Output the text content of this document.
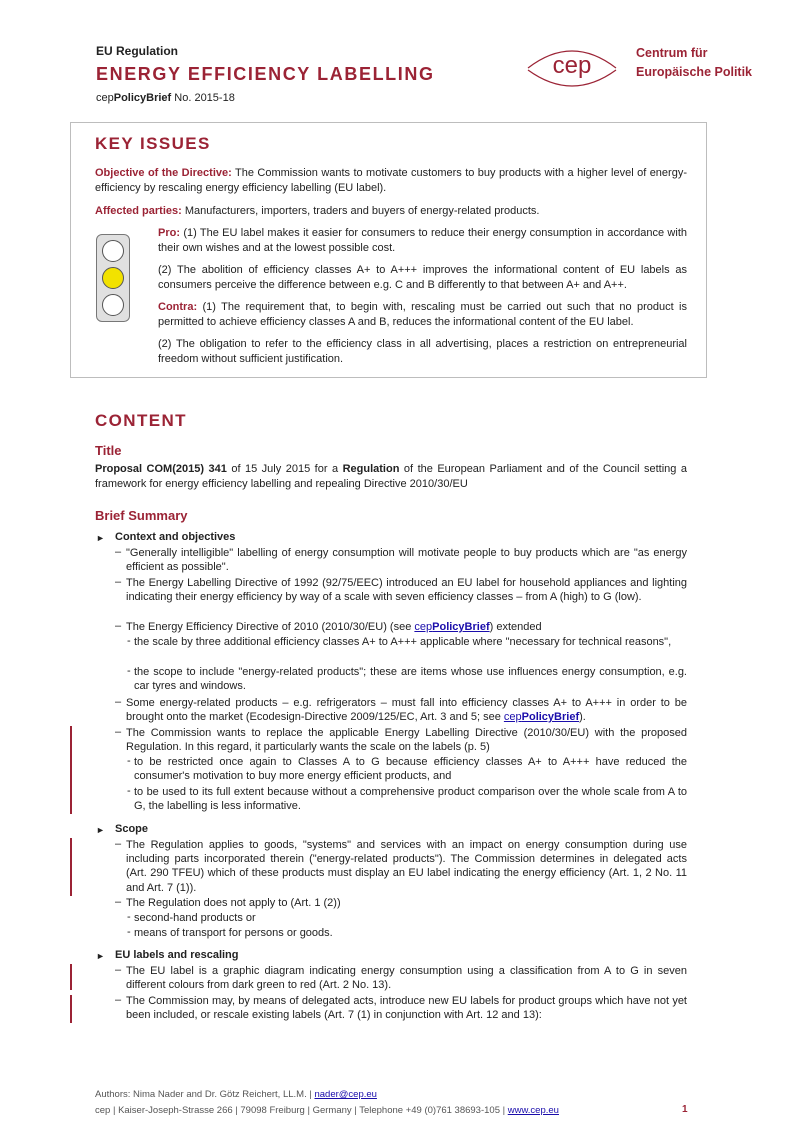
EU Regulation
ENERGY EFFICIENCY LABELLING
cepPolicyBrief No. 2015-18
cep	Centrum für
Europäische Politik
KEY ISSUES
Objective of the Directive: The Commission wants to motivate customers to buy products with a higher level of energy-efficiency by rescaling energy efficiency labelling (EU label).
Affected parties: Manufacturers, importers, traders and buyers of energy-related products.
Pro: (1) The EU label makes it easier for consumers to reduce their energy consumption in accordance with their own wishes and at the lowest possible cost.
(2) The abolition of efficiency classes A+ to A+++ improves the informational content of EU labels as consumers perceive the difference between e.g. C and B differently to that between A+ and A++.
Contra: (1) The requirement that, to begin with, rescaling must be carried out such that no product is permitted to achieve efficiency classes A and B, reduces the informational content of the EU label.
(2) The obligation to refer to the efficiency class in all advertising, places a restriction on entrepreneurial freedom without sufficient justification.
CONTENT
Title
Proposal COM(2015) 341 of 15 July 2015 for a Regulation of the European Parliament and of the Council setting a framework for energy efficiency labelling and repealing Directive 2010/30/EU
Brief Summary
► Context and objectives
– "Generally intelligible" labelling of energy consumption will motivate people to buy products which are "as energy efficient as possible".
– The Energy Labelling Directive of 1992 (92/75/EEC) introduced an EU label for household appliances and lighting indicating their energy efficiency by way of a scale with seven efficiency classes – from A (high) to G (low).
– The Energy Efficiency Directive of 2010 (2010/30/EU) (see cepPolicyBrief) extended
- the scale by three additional efficiency classes A+ to A+++ applicable where "necessary for technical reasons",
- the scope to include "energy-related products"; these are items whose use influences energy consumption, e.g. car tyres and windows.
– Some energy-related products – e.g. refrigerators – must fall into efficiency classes A+ to A+++ in order to be brought onto the market (Ecodesign-Directive 2009/125/EC, Art. 3 and 5; see cepPolicyBrief).
– The Commission wants to replace the applicable Energy Labelling Directive (2010/30/EU) with the proposed Regulation. In this regard, it particularly wants the scale on the labels (p. 5)
- to be restricted once again to Classes A to G because efficiency classes A+ to A+++ have reduced the consumer's motivation to buy more energy efficient products, and
- to be used to its full extent because without a comprehensive product comparison over the whole scale from A to G, the labelling is less informative.
► Scope
– The Regulation applies to goods, "systems" and services with an impact on energy consumption during use including parts incorporated therein ("energy-related products"). The Commission determines in delegated acts (Art. 290 TFEU) which of these products must display an EU label indicating the energy efficiency (Art. 1, 2 No. 11 and Art. 7 (1)).
– The Regulation does not apply to (Art. 1 (2))
- second-hand products or
- means of transport for persons or goods.
► EU labels and rescaling
– The EU label is a graphic diagram indicating energy consumption using a classification from A to G in seven different colours from dark green to red (Art. 2 No. 13).
– The Commission may, by means of delegated acts, introduce new EU labels for product groups which have not yet been included, or rescale existing labels (Art. 7 (1) in conjunction with Art. 12 and 13):
Authors: Nima Nader and Dr. Götz Reichert, LL.M. | nader@cep.eu
cep | Kaiser-Joseph-Strasse 266 | 79098 Freiburg | Germany | Telephone +49 (0)761 38693-105 | www.cep.eu	1
